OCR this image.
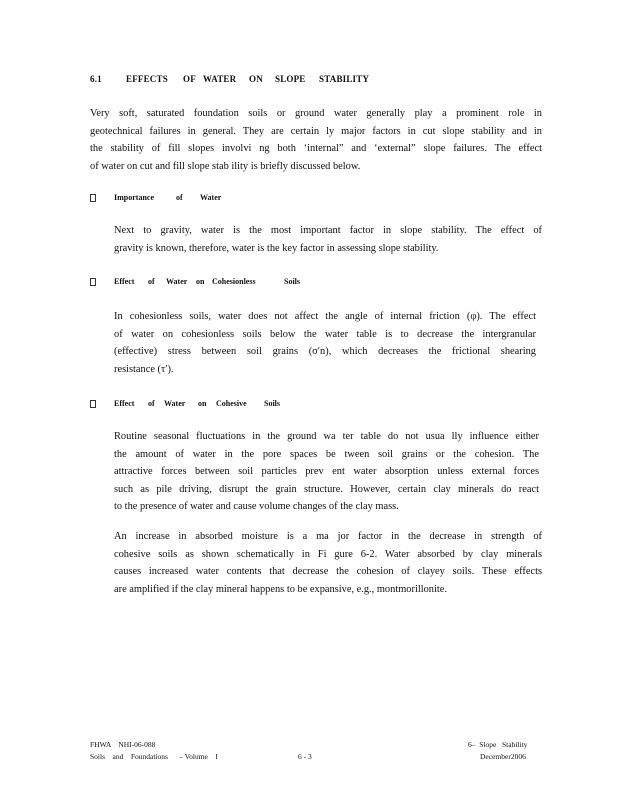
6.1	EFFECTS OF WATER ON SLOPE STABILITY
Very soft, saturated foundation soils or ground water generally play a prominent role in
geotechnical failures in general. They are certain ly major factors in cut slope stability and in
the stability of fill slopes involvi ng both ‘internal” and ‘external” slope failures. The effect
of water on cut and fill slope stab ility is briefly discussed below.
Importance	of Water
Next to gravity, water is the most important factor in slope stability. The effect of
gravity is known, therefore, water is the key factor in assessing slope stability.
Effect of Water on Cohesionless	Soils
In cohesionless soils, water does not affect the angle of internal friction (φ). The effect
of water on cohesionless soils below the water table is to decrease the intergranular
(effective) stress between soil grains (σ′n), which decreases the frictional shearing
resistance (τ′).
Effect of Water on Cohesive Soils
Routine seasonal fluctuations in the ground wa ter table do not usua lly influence either
the amount of water in the pore spaces be tween soil grains or the cohesion. The
attractive forces between soil particles prev ent water absorption unless external forces
such as pile driving, disrupt the grain structure. However, certain clay minerals do react
to the presence of water and cause volume changes of the clay mass.
An increase in absorbed moisture is a ma jor factor in the decrease in strength of
cohesive soils as shown schematically in Fi gure 6-2. Water absorbed by clay minerals
causes increased water contents that decrease the cohesion of clayey soils. These effects
are amplified if the clay mineral happens to be expansive, e.g., montmorillonite.
FHWA    NHI-06-088
Soils    and    Foundations      – Volume    I	6 - 3
6–  Slope   Stability
December2006
